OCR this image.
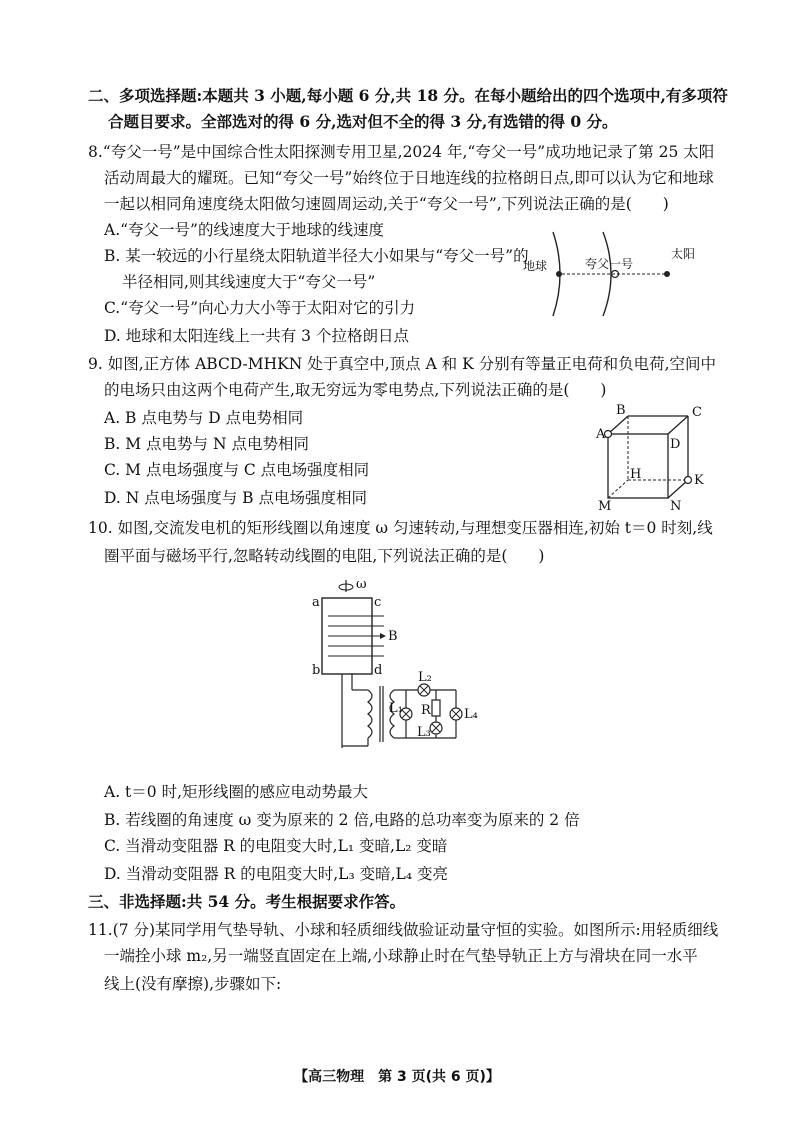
二、多项选择题:本题共 3 小题,每小题 6 分,共 18 分。在每小题给出的四个选项中,有多项符
合题目要求。全部选对的得 6 分,选对但不全的得 3 分,有选错的得 0 分。
8.“夸父一号”是中国综合性太阳探测专用卫星,2024 年,“夸父一号”成功地记录了第 25 太阳
活动周最大的耀斑。已知“夸父一号”始终位于日地连线的拉格朗日点,即可以认为它和地球
一起以相同角速度绕太阳做匀速圆周运动,关于“夸父一号”,下列说法正确的是(　　)
A.“夸父一号”的线速度大于地球的线速度
B. 某一较远的小行星绕太阳轨道半径大小如果与“夸父一号”的
半径相同,则其线速度大于“夸父一号”
C.“夸父一号”向心力大小等于太阳对它的引力
D. 地球和太阳连线上一共有 3 个拉格朗日点
地球	夸父一号
太阳
9. 如图,正方体 ABCD-MHKN 处于真空中,顶点 A 和 K 分别有等量正电荷和负电荷,空间中
的电场只由这两个电荷产生,取无穷远为零电势点,下列说法正确的是(　　)
A. B 点电势与 D 点电势相同
B. M 点电势与 N 点电势相同
C. M 点电场强度与 C 点电场强度相同
D. N 点电场强度与 B 点电场强度相同
A
B	C
D
H	K
M	N
10. 如图,交流发电机的矩形线圈以角速度 ω 匀速转动,与理想变压器相连,初始 t＝0 时刻,线
圈平面与磁场平行,忽略转动线圈的电阻,下列说法正确的是(　　)
ω
a	c
b	d
B
L₁
L₂
R
L₃
L₄
A. t＝0 时,矩形线圈的感应电动势最大
B. 若线圈的角速度 ω 变为原来的 2 倍,电路的总功率变为原来的 2 倍
C. 当滑动变阻器 R 的电阻变大时,L₁ 变暗,L₂ 变暗
D. 当滑动变阻器 R 的电阻变大时,L₃ 变暗,L₄ 变亮
三、非选择题:共 54 分。考生根据要求作答。
11.(7 分)某同学用气垫导轨、小球和轻质细线做验证动量守恒的实验。如图所示:用轻质细线
一端拴小球 m₂,另一端竖直固定在上端,小球静止时在气垫导轨正上方与滑块在同一水平
线上(没有摩擦),步骤如下:
【高三物理　第 3 页(共 6 页)】
